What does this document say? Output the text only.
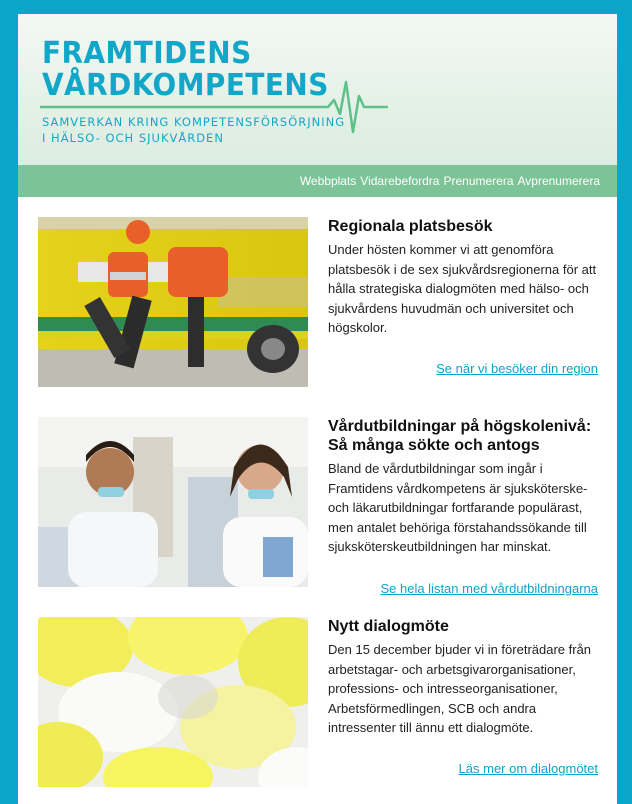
FRAMTIDENS
VÅRDKOMPETENS
SAMVERKAN KRING KOMPETENSFÖRSÖRJNING
I HÄLSO- OCH SJUKVÅRDEN
Webbplats Vidarebefordra Prenumerera Avprenumerera

Regionala platsbesök

Under hösten kommer vi att genomföra platsbesök i de sex sjukvårdsregionerna för att hålla strategiska dialogmöten med hälso- och sjukvårdens huvudmän och universitet och högskolor.

Se när vi besöker din region

Vårdutbildningar på högskolenivå:
Så många sökte och antogs

Bland de vårdutbildningar som ingår i Framtidens vårdkompetens är sjuksköterske- och läkarutbildningar fortfarande populärast, men antalet behöriga förstahandssökande till sjuksköterskeutbildningen har minskat.

Se hela listan med vårdutbildningarna

Nytt dialogmöte

Den 15 december bjuder vi in företrädare från arbetstagar- och arbetsgivarorganisationer, professions- och intresseorganisationer, Arbetsförmedlingen, SCB och andra intressenter till ännu ett dialogmöte.

Läs mer om dialogmötet
